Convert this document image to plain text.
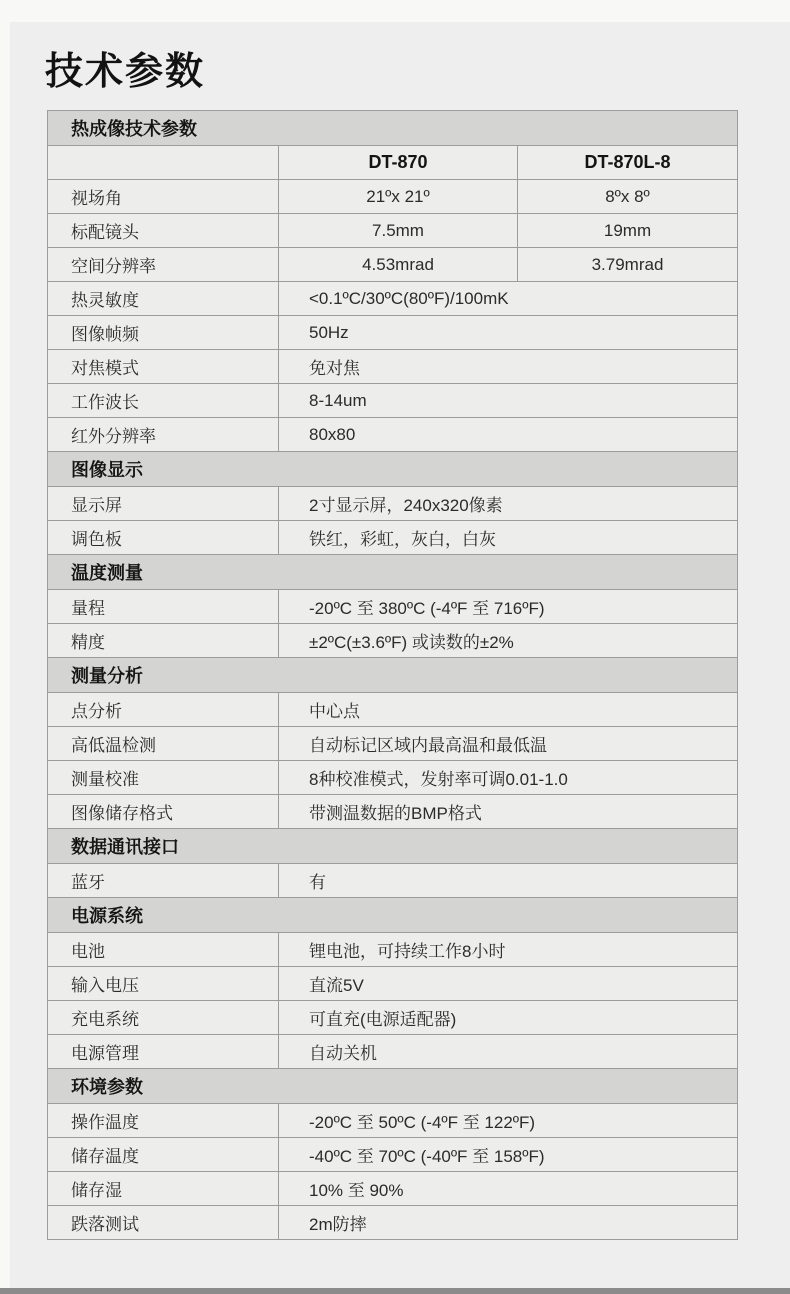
技术参数
热成像技术参数		
	DT-870	DT-870L-8
视场角	21ºx 21º	8ºx 8º
标配镜头	7.5mm	19mm
空间分辨率	4.53mrad	3.79mrad
热灵敏度	<0.1ºC/30ºC(80ºF)/100mK	
图像帧频	50Hz	
对焦模式	免对焦	
工作波长	8-14um	
红外分辨率	80x80	
图像显示		
显示屏	2寸显示屏，240x320像素	
调色板	铁红，彩虹，灰白，白灰	
温度测量		
量程	-20ºC 至 380ºC (-4ºF 至 716ºF)	
精度	±2ºC(±3.6ºF) 或读数的±2%	
测量分析		
点分析	中心点	
高低温检测	自动标记区域内最高温和最低温	
测量校准	8种校准模式，发射率可调0.01-1.0	
图像储存格式	带测温数据的BMP格式	
数据通讯接口		
蓝牙	有	
电源系统		
电池	锂电池，可持续工作8小时	
输入电压	直流5V	
充电系统	可直充(电源适配器)	
电源管理	自动关机	
环境参数		
操作温度	-20ºC 至 50ºC (-4ºF 至 122ºF)	
储存温度	-40ºC 至 70ºC (-40ºF 至 158ºF)	
储存湿	10% 至 90%	
跌落测试	2m防摔	
